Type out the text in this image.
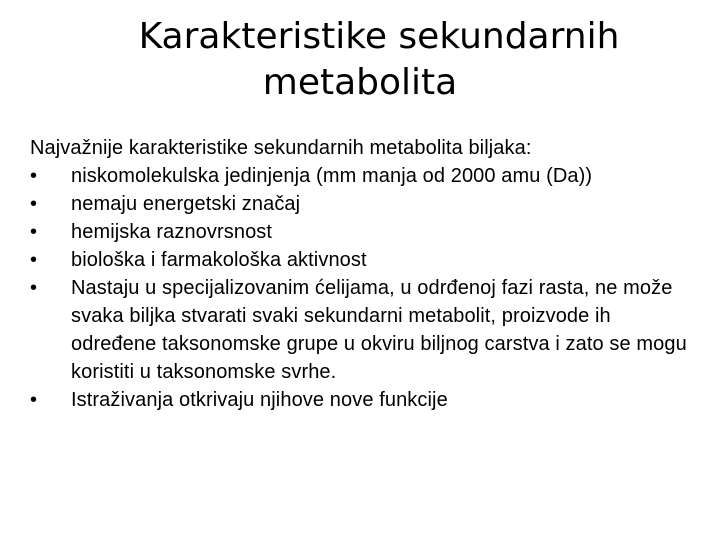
Karakteristike sekundarnih
metabolita

Najvažnije karakteristike sekundarnih metabolita biljaka:

•	niskomolekulska jedinjenja (mm manja od 2000 amu (Da))
•	nemaju energetski značaj
•	hemijska raznovrsnost
•	biološka i farmakološka aktivnost
•	Nastaju u specijalizovanim ćelijama, u odrđenoj fazi rasta, ne može svaka biljka stvarati svaki sekundarni metabolit, proizvode ih određene taksonomske grupe u okviru biljnog carstva i zato se mogu koristiti u taksonomske svrhe.
•	Istraživanja otkrivaju njihove nove funkcije
